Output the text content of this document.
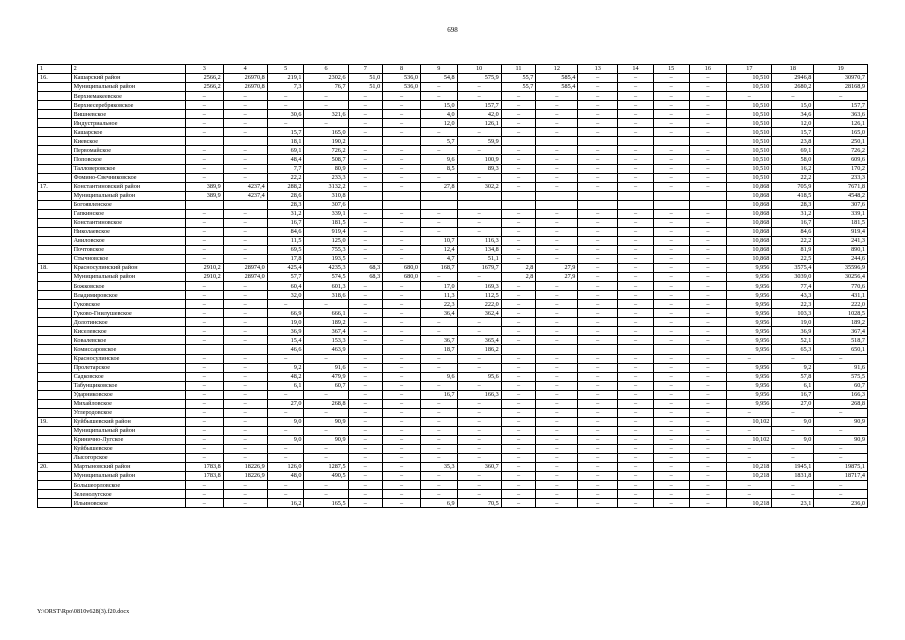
698
1	2	3	4	5	6	7	8	9	10	11	12	13	14	15	16	17	18	19
16.	Кашарский район	2566,2	26970,8	219,1	2302,6	51,0	536,0	54,8	575,9	55,7	585,4	–	–	–	–	10,510	2946,8	30970,7
	Муниципальный район	2566,2	26970,8	7,3	76,7	51,0	536,0	–	–	55,7	585,4	–	–	–	–	10,510	2680,2	28168,9
	Верхнемакеевское	–	–	–	–	–	–	–	–	–	–	–	–	–	–	–	–	–
	Верхнесеребряковское	–	–	–	–	–	–	15,0	157,7	–	–	–	–	–	–	10,510	15,0	157,7
	Вишневское	–	–	30,6	321,6	–	–	4,0	42,0	–	–	–	–	–	–	10,510	34,6	363,6
	Индустриальное	–	–	–	–	–	–	12,0	126,1	–	–	–	–	–	–	10,510	12,0	126,1
	Кашарское	–	–	15,7	165,0	–	–	–	–	–	–	–	–	–	–	10,510	15,7	165,0
	Киевское			18,1	190,2			5,7	59,9							10,510	23,8	250,1
	Первомайское	–	–	69,1	726,2	–	–	–	–	–	–	–	–	–	–	10,510	69,1	726,2
	Поповское	–	–	48,4	508,7	–	–	9,6	100,9	–	–	–	–	–	–	10,510	58,0	609,6
	Талловеровское	–	–	7,7	80,9	–	–	8,5	89,3	–	–	–	–	–	–	10,510	16,2	170,2
	Фомино-Свечниковское	–	–	22,2	233,3	–	–	–	–	–	–	–	–	–	–	10,510	22,2	233,3
17.	Константиновский район	389,9	4237,4	288,2	3132,2	–	–	27,8	302,2	–	–	–	–	–	–	10,868	705,9	7671,8
	Муниципальный район	389,9	4237,4	28,6	310,8											10,868	418,5	4548,2
	Богоявленское			28,3	307,6											10,868	28,3	307,6
	Гапкинское	–	–	31,2	339,1	–	–	–	–	–	–	–	–	–	–	10,868	31,2	339,1
	Константиновское	–	–	16,7	181,5	–	–	–	–	–	–	–	–	–	–	10,868	16,7	181,5
	Николаевское	–	–	84,6	919,4	–	–	–	–	–	–	–	–	–	–	10,868	84,6	919,4
	Авиловское	–	–	11,5	125,0	–	–	10,7	116,3	–	–	–	–	–	–	10,868	22,2	241,3
	Почтовское	–	–	69,5	755,3	–	–	12,4	134,8	–	–	–	–	–	–	10,868	81,9	890,1
	Стычновское	–	–	17,8	193,5	–	–	4,7	51,1	–	–	–	–	–	–	10,868	22,5	244,6
18.	Красносулинский район	2910,2	28974,0	425,4	4235,3	68,3	680,0	168,7	1679,7	2,8	27,9	–	–	–	–	9,956	3575,4	35596,9
	Муниципальный район	2910,2	28974,0	57,7	574,5	68,3	680,0	–	–	2,8	27,9	–	–	–	–	9,956	3039,0	30256,4
	Божковское	–	–	60,4	601,3	–	–	17,0	169,3	–	–	–	–	–	–	9,956	77,4	770,6
	Владимировское	–	–	32,0	318,6	–	–	11,3	112,5	–	–	–	–	–	–	9,956	43,3	431,1
	Гуковское	–	–	–	–	–	–	22,3	222,0	–	–	–	–	–	–	9,956	22,3	222,0
	Гуково-Гнилушевское	–	–	66,9	666,1	–	–	36,4	362,4	–	–	–	–	–	–	9,956	103,3	1028,5
	Долотинское	–	–	19,0	189,2	–	–	–	–	–	–	–	–	–	–	9,956	19,0	189,2
	Киселевское	–	–	36,9	367,4	–	–	–	–	–	–	–	–	–	–	9,956	36,9	367,4
	Ковалевское	–	–	15,4	153,3	–	–	36,7	365,4	–	–	–	–	–	–	9,956	52,1	518,7
	Комиссаровское			46,6	463,9			18,7	186,2							9,956	65,3	650,1
	Красносулинское	–	–	–	–	–	–	–	–	–	–	–	–	–	–	–	–	–
	Пролетарское	–	–	9,2	91,6	–	–	–	–	–	–	–	–	–	–	9,956	9,2	91,6
	Садковское	–	–	48,2	479,9	–	–	9,6	95,6	–	–	–	–	–	–	9,956	57,8	575,5
	Табунщиковское	–	–	6,1	60,7	–	–	–	–	–	–	–	–	–	–	9,956	6,1	60,7
	Ударниковское	–	–	–	–	–	–	16,7	166,3	–	–	–	–	–	–	9,956	16,7	166,3
	Михайловское	–	–	27,0	268,8	–	–	–	–	–	–	–	–	–	–	9,956	27,0	268,8
	Углеродовское	–	–	–	–	–	–	–	–	–	–	–	–	–	–	–	–	–
19.	Куйбышевский район	–	–	9,0	90,9	–	–	–	–	–	–	–	–	–	–	10,102	9,0	90,9
	Муниципальный район	–	–	–	–	–	–	–	–	–	–	–	–	–	–	–	–	–
	Кринично-Лугское	–	–	9,0	90,9	–	–	–	–	–	–	–	–	–	–	10,102	9,0	90,9
	Куйбышевское	–	–	–	–	–	–	–	–	–	–	–	–	–	–	–	–	–
	Лысогорское	–	–	–	–	–	–	–	–	–	–	–	–	–	–	–	–	–
20.	Мартыновский район	1783,8	18226,9	126,0	1287,5	–	–	35,3	360,7	–	–	–	–	–	–	10,218	1945,1	19875,1
	Муниципальный район	1783,8	18226,9	48,0	490,5	–	–	–	–	–	–	–	–	–	–	10,218	1831,8	18717,4
	Большеорловское	–	–	–	–	–	–	–	–	–	–	–	–	–	–	–	–	–
	Зеленолугское	–	–	–	–	–	–	–	–	–	–	–	–	–	–	–	–	–
	Ильиновское	–	–	16,2	165,5	–	–	6,9	70,5	–	–	–	–	–	–	10,218	23,1	236,0
Y:\ORST\Rpo\0810v628(3).f20.docx
